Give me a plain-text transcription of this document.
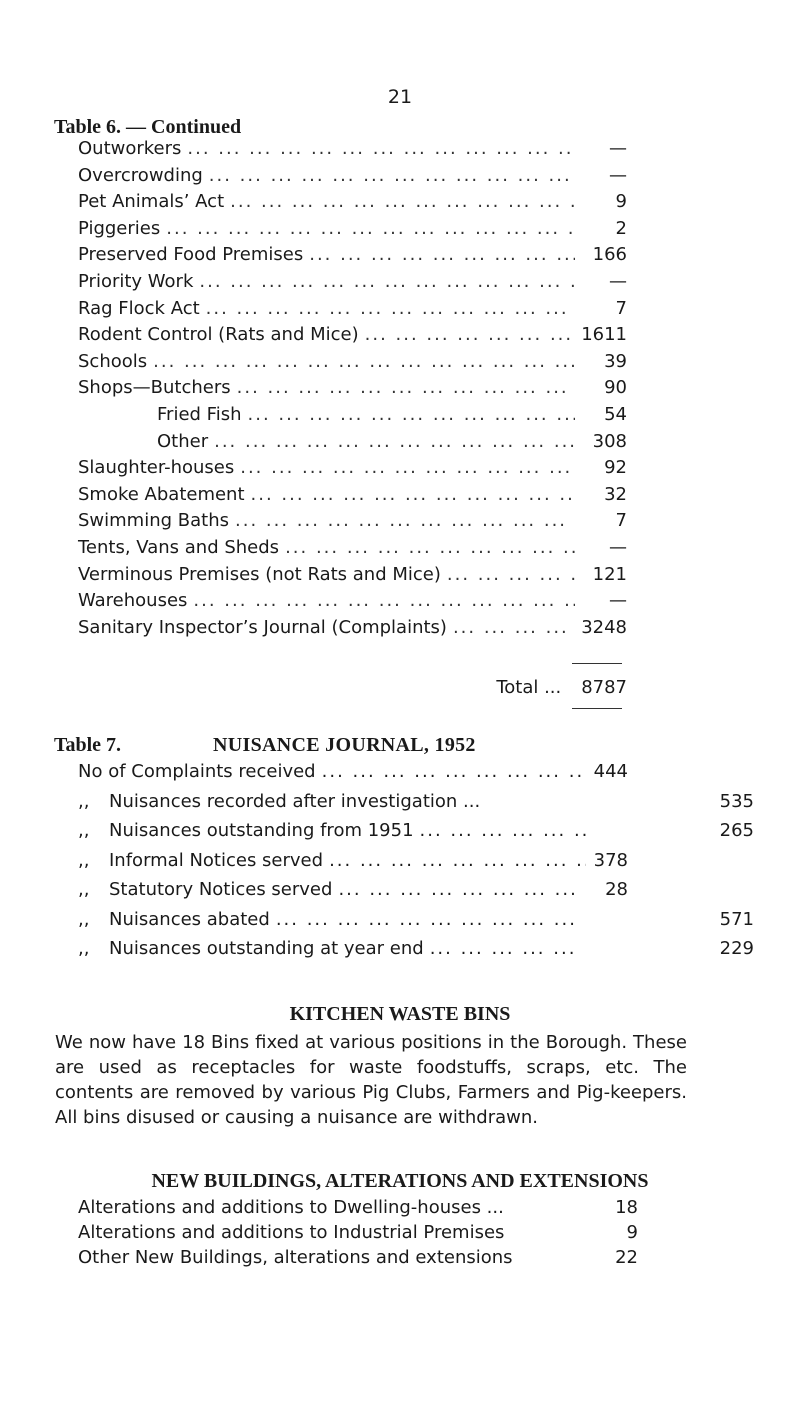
21
Table 6. — Continued
Outworkers ... .	—
Overcrowding ... .	—
Pet Animals’ Act ... .	9
Piggeries ... .	2
Preserved Food Premises ... .	166
Priority Work ... .	—
Rag Flock Act ... .	7
Rodent Control (Rats and Mice) ... .	1611
Schools ... .	39
Shops—Butchers ... .	90
Fried Fish ... .	54
Other ... .	308
Slaughter-houses ... .	92
Smoke Abatement ... .	32
Swimming Baths ... .	7
Tents, Vans and Sheds ... .	—
Verminous Premises (not Rats and Mice) ... .	121
Warehouses ... .	—
Sanitary Inspector’s Journal (Complaints) ... .	3248
Total ... 8787
Table 7.	NUISANCE JOURNAL, 1952
No of Complaints received ... .	444
,, Nuisances recorded after investigation ...	535
,, Nuisances outstanding from 1951 ... .	265
,, Informal Notices served ... .	378
,, Statutory Notices served ... .	28
,, Nuisances abated ... .	571
,, Nuisances outstanding at year end ... .	229
KITCHEN WASTE BINS
We now have 18 Bins fixed at various positions in the Borough. These are used as receptacles for waste foodstuffs, scraps, etc. The contents are removed by various Pig Clubs, Farmers and Pig-keepers. All bins disused or causing a nuisance are withdrawn.
NEW BUILDINGS, ALTERATIONS AND EXTENSIONS
Alterations and additions to Dwelling-houses ...	18
Alterations and additions to Industrial Premises	9
Other New Buildings, alterations and extensions	22
